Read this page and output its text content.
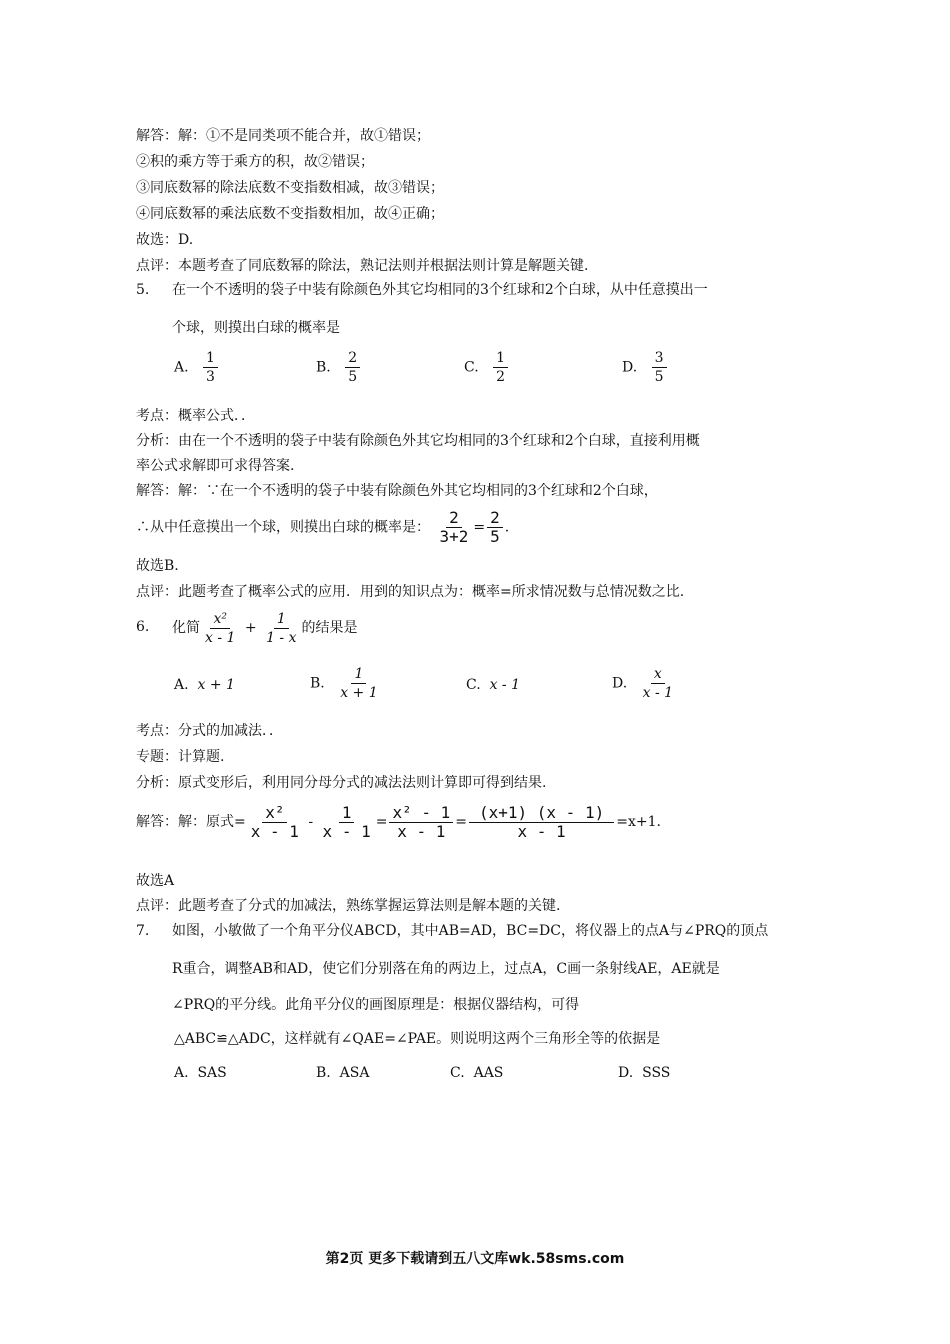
解答：解：①不是同类项不能合并，故①错误；
②积的乘方等于乘方的积，故②错误；
③同底数幂的除法底数不变指数相减，故③错误；
④同底数幂的乘法底数不变指数相加，故④正确；
故选：D.
点评：本题考查了同底数幂的除法，熟记法则并根据法则计算是解题关键.
5. 在一个不透明的袋子中装有除颜色外其它均相同的3个红球和2个白球，从中任意摸出一
个球，则摸出白球的概率是
A. $\frac{1}{3}$	B. $\frac{2}{5}$	C. $\frac{1}{2}$	D. $\frac{3}{5}$
考点：概率公式．．
分析：由在一个不透明的袋子中装有除颜色外其它均相同的3个红球和2个白球，直接利用概
率公式求解即可求得答案.
解答：解：∵在一个不透明的袋子中装有除颜色外其它均相同的3个红球和2个白球，
∴从中任意摸出一个球，则摸出白球的概率是： $\frac{2}{3+2} = \frac{2}{5}$ .
故选B.
点评：此题考查了概率公式的应用．用到的知识点为：概率=所求情况数与总情况数之比.
6. 化简 $\frac{\text{x²}}{x - 1} + \frac{1}{1 - x}$ 的结果是
A. x + 1	B. $\frac{1}{x + 1}$	C. x - 1	D. $\frac{x}{x - 1}$
考点：分式的加减法．．
专题：计算题.
分析：原式变形后，利用同分母分式的减法法则计算即可得到结果.
解答：解：原式= $\frac{\text{x²}}{x - 1} - \frac{1}{x - 1} = \frac{\text{x² - 1}}{x - 1} = \frac{(x+1) (x - 1)}{x - 1} =x+1$.
故选A
点评：此题考查了分式的加减法，熟练掌握运算法则是解本题的关键.
7. 如图，小敏做了一个角平分仪ABCD，其中AB=AD，BC=DC，将仪器上的点A与∠PRQ的顶点
R重合，调整AB和AD，使它们分别落在角的两边上，过点A，C画一条射线AE，AE就是
∠PRQ的平分线。此角平分仪的画图原理是：根据仪器结构，可得
△ABC≌△ADC，这样就有∠QAE=∠PAE。则说明这两个三角形全等的依据是
A. SAS	B. ASA	C. AAS	D. SSS
第2页 更多下载请到五八文库wk.58sms.com
